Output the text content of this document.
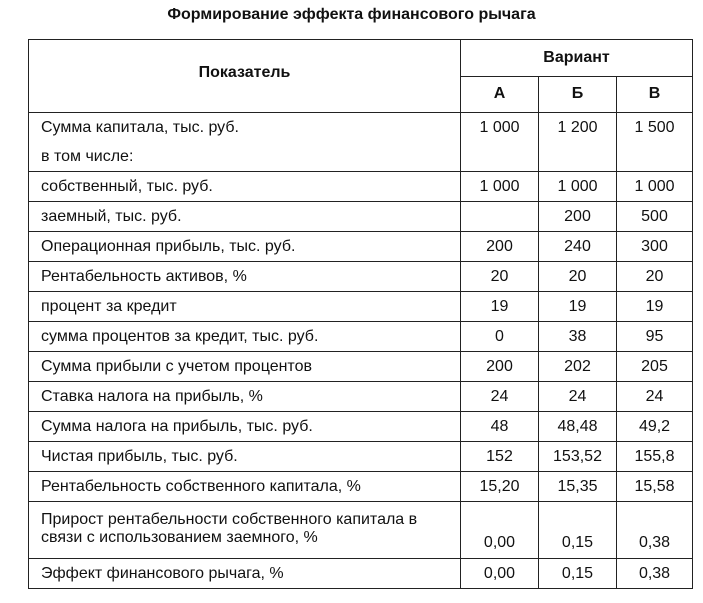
Формирование эффекта финансового рычага
Показатель	Вариант		
	А	Б	В
Сумма капитала, тыс. руб.	1 000	1 200	1 500
в том числе:			
собственный, тыс. руб.	1 000	1 000	1 000
заемный, тыс. руб.		200	500
Операционная прибыль, тыс. руб.	200	240	300
Рентабельность активов, %	20	20	20
процент за кредит	19	19	19
сумма процентов за кредит, тыс. руб.	0	38	95
Сумма прибыли с учетом процентов	200	202	205
Ставка налога на прибыль, %	24	24	24
Сумма налога на прибыль, тыс. руб.	48	48,48	49,2
Чистая прибыль, тыс. руб.	152	153,52	155,8
Рентабельность собственного капитала, %	15,20	15,35	15,58
Прирост рентабельности собственного капитала в связи с использованием заемного, %	0,00	0,15	0,38
Эффект финансового рычага, %	0,00	0,15	0,38
